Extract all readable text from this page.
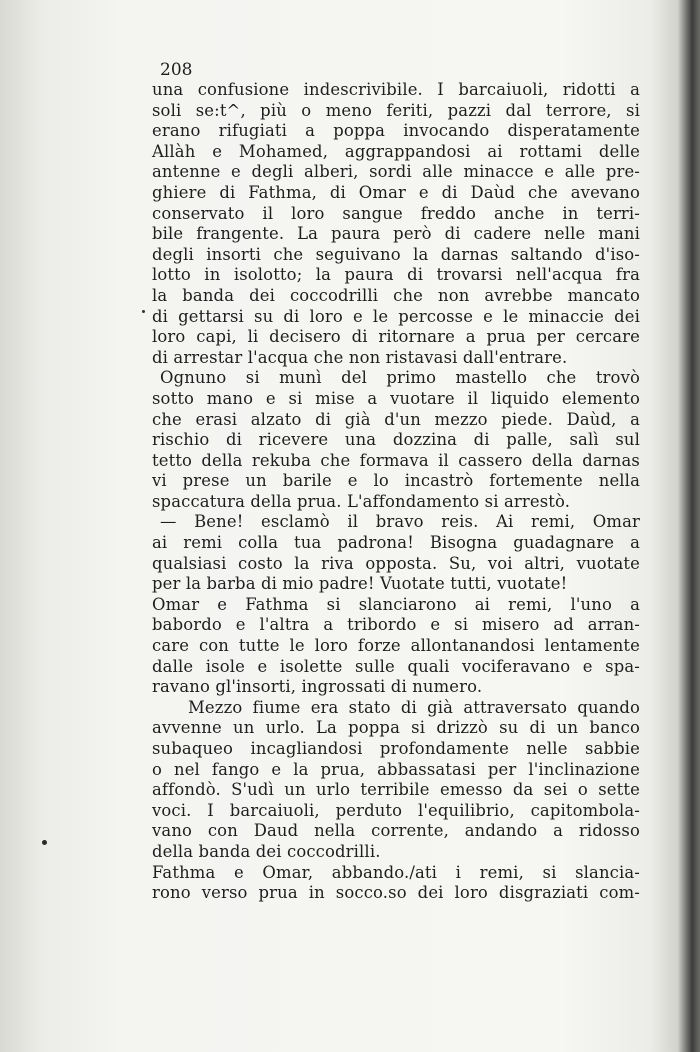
208
una confusione indescrivibile. I barcaiuoli, ridotti a
soli se:t^, più o meno feriti, pazzi dal terrore, si
erano rifugiati a poppa invocando disperatamente
Allàh e Mohamed, aggrappandosi ai rottami delle
antenne e degli alberi, sordi alle minacce e alle pre-
ghiere di Fathma, di Omar e di Daùd che avevano
conservato il loro sangue freddo anche in terri-
bile frangente. La paura però di cadere nelle mani
degli insorti che seguivano la darnas saltando d'iso-
lotto in isolotto; la paura di trovarsi nell'acqua fra
la banda dei coccodrilli che non avrebbe mancato
di gettarsi su di loro e le percosse e le minaccie dei
loro capi, li decisero di ritornare a prua per cercare
di arrestar l'acqua che non ristavasi dall'entrare.
Ognuno si munì del primo mastello che trovò
sotto mano e si mise a vuotare il liquido elemento
che erasi alzato di già d'un mezzo piede. Daùd, a
rischio di ricevere una dozzina di palle, salì sul
tetto della rekuba che formava il cassero della darnas
vi prese un barile e lo incastrò fortemente nella
spaccatura della prua. L'affondamento si arrestò.
— Bene! esclamò il bravo reis. Ai remi, Omar
ai remi colla tua padrona! Bisogna guadagnare a
qualsiasi costo la riva opposta. Su, voi altri, vuotate
per la barba di mio padre! Vuotate tutti, vuotate!
Omar e Fathma si slanciarono ai remi, l'uno a
babordo e l'altra a tribordo e si misero ad arran-
care con tutte le loro forze allontanandosi lentamente
dalle isole e isolette sulle quali vociferavano e spa-
ravano gl'insorti, ingrossati di numero.
Mezzo fiume era stato di già attraversato quando
avvenne un urlo. La poppa si drizzò su di un banco
subaqueo incagliandosi profondamente nelle sabbie
o nel fango e la prua, abbassatasi per l'inclinazione
affondò. S'udì un urlo terribile emesso da sei o sette
voci. I barcaiuoli, perduto l'equilibrio, capitombola-
vano con Daud nella corrente, andando a ridosso
della banda dei coccodrilli.
Fathma e Omar, abbando./ati i remi, si slancia-
rono verso prua in socco.so dei loro disgraziati com-
